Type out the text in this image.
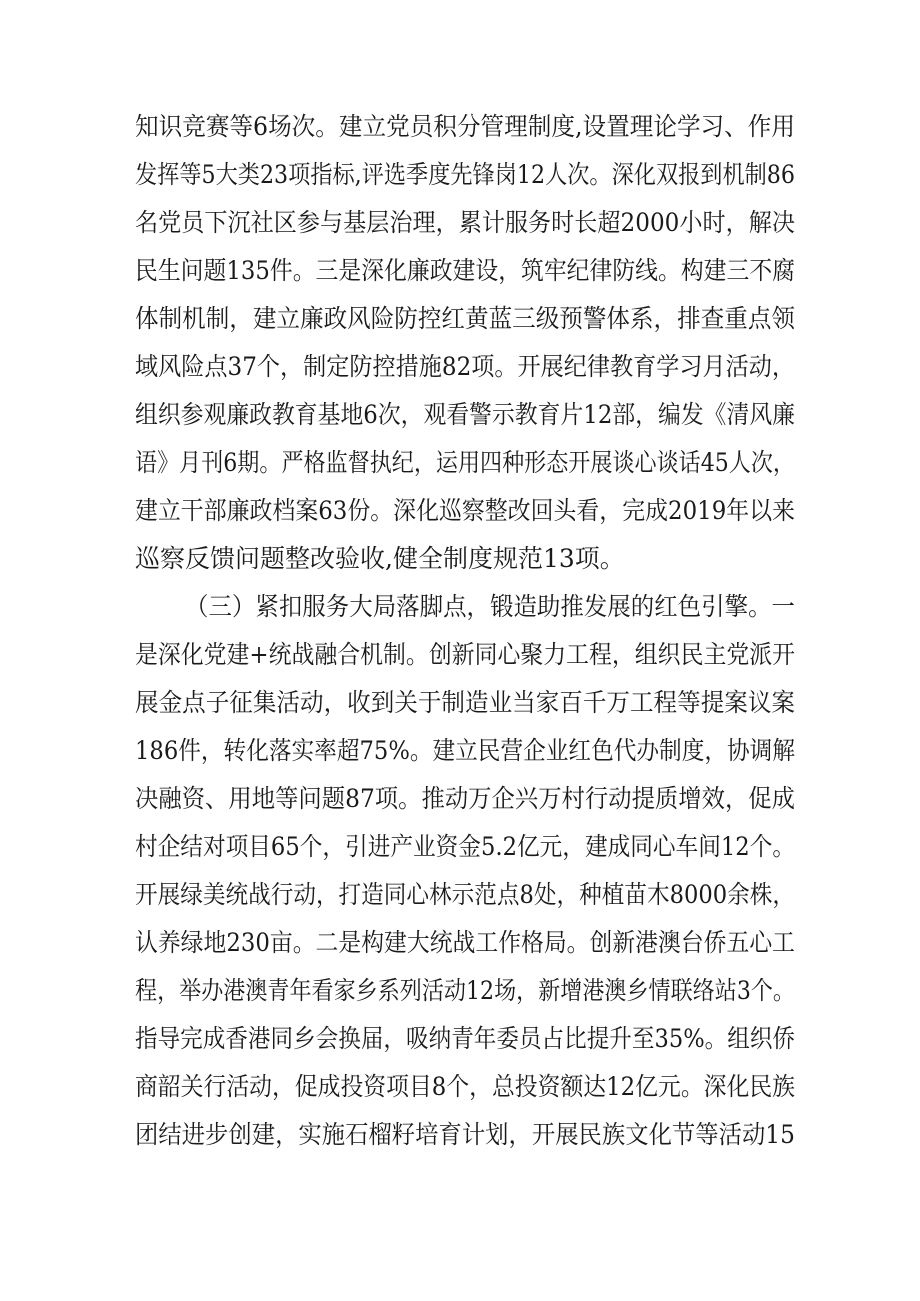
知识竞赛等6场次。建立党员积分管理制度,设置理论学习、作用
发挥等5大类23项指标,评选季度先锋岗12人次。深化双报到机制86
名党员下沉社区参与基层治理，累计服务时长超2000小时，解决
民生问题135件。三是深化廉政建设，筑牢纪律防线。构建三不腐
体制机制，建立廉政风险防控红黄蓝三级预警体系，排查重点领
域风险点37个，制定防控措施82项。开展纪律教育学习月活动，
组织参观廉政教育基地6次，观看警示教育片12部，编发《清风廉
语》月刊6期。严格监督执纪，运用四种形态开展谈心谈话45人次，
建立干部廉政档案63份。深化巡察整改回头看，完成2019年以来
巡察反馈问题整改验收,健全制度规范13项。
（三）紧扣服务大局落脚点，锻造助推发展的红色引擎。一
是深化党建+统战融合机制。创新同心聚力工程，组织民主党派开
展金点子征集活动，收到关于制造业当家百千万工程等提案议案
186件，转化落实率超75%。建立民营企业红色代办制度，协调解
决融资、用地等问题87项。推动万企兴万村行动提质增效，促成
村企结对项目65个，引进产业资金5.2亿元，建成同心车间12个。
开展绿美统战行动，打造同心林示范点8处，种植苗木8000余株，
认养绿地230亩。二是构建大统战工作格局。创新港澳台侨五心工
程，举办港澳青年看家乡系列活动12场，新增港澳乡情联络站3个。
指导完成香港同乡会换届，吸纳青年委员占比提升至35%。组织侨
商韶关行活动，促成投资项目8个，总投资额达12亿元。深化民族
团结进步创建，实施石榴籽培育计划，开展民族文化节等活动15
